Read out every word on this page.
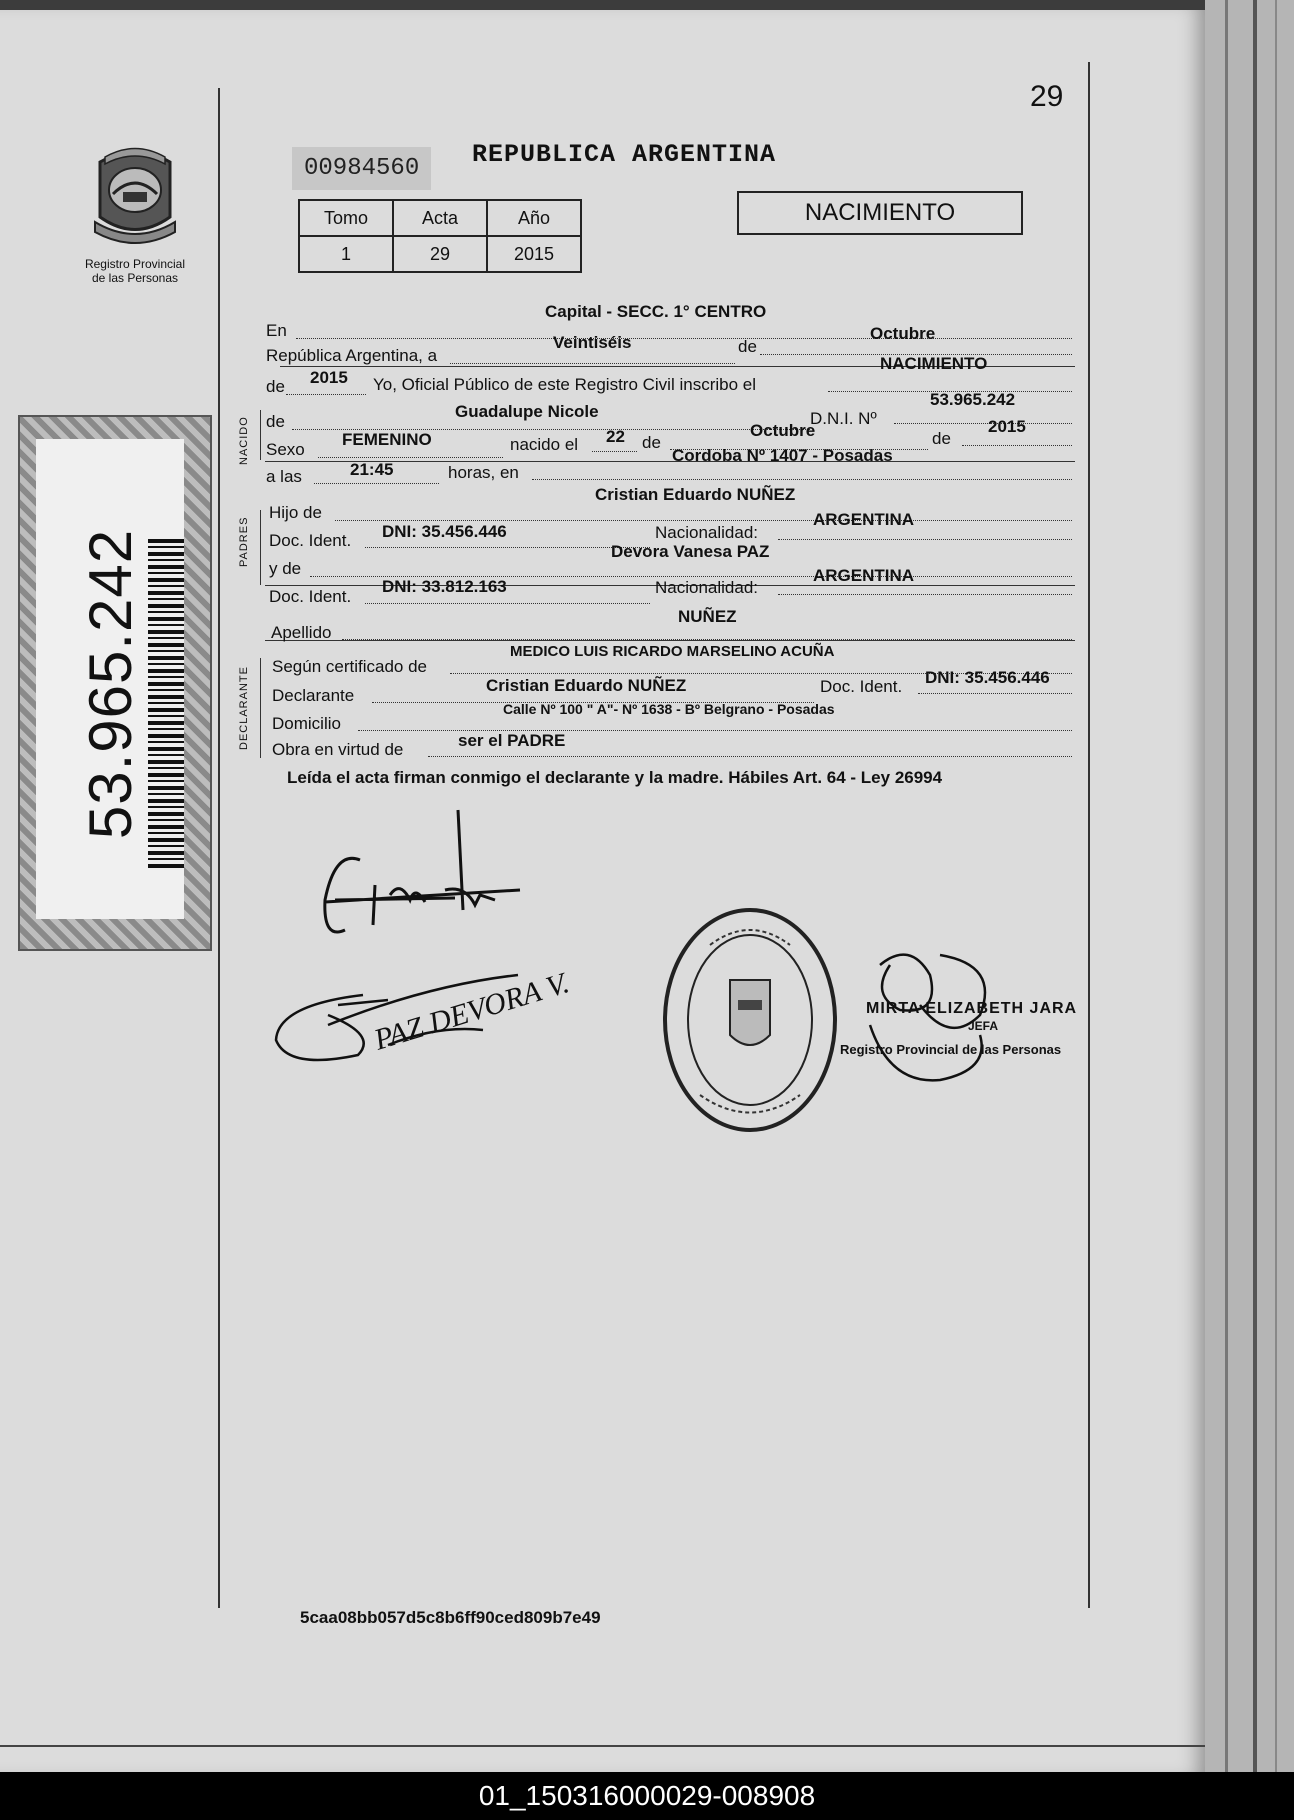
29
Registro Provincial
de las Personas
53.965.242
00984560	REPUBLICA ARGENTINA
Tomo	Acta	Año
1	29	2015
NACIMIENTO
NACIDO
PADRES
DECLARANTE
En
Capital - SECC. 1° CENTRO
República Argentina, a
Veintiséis	de
Octubre
de 2015 Yo, Oficial Público de este Registro Civil inscribo el
NACIMIENTO
de
Guadalupe Nicole	D.N.I. Nº
53.965.242
Sexo
FEMENINO	nacido el 22 de
Octubre	de
2015
a las	21:45	horas, en
Cordoba Nº 1407 - Posadas
Hijo de
Cristian Eduardo NUÑEZ
Doc. Ident. DNI: 35.456.446	Nacionalidad:
ARGENTINA
y de
Devora Vanesa PAZ
Doc. Ident.
DNI: 33.812.163	Nacionalidad:
ARGENTINA
Apellido
NUÑEZ
Según certificado de
MEDICO LUIS RICARDO MARSELINO ACUÑA
Declarante
Cristian Eduardo NUÑEZ	Doc. Ident. DNI: 35.456.446
Domicilio
Calle Nº 100 " A"- Nº 1638 - Bº Belgrano - Posadas
Obra en virtud de	ser el PADRE
Leída el acta firman conmigo el declarante y la madre. Hábiles Art. 64 - Ley 26994
PAZ DEVORA V.	MIRTA ELIZABETH JARA
JEFA
Registro Provincial de las Personas
5caa08bb057d5c8b6ff90ced809b7e49
01_150316000029-008908
